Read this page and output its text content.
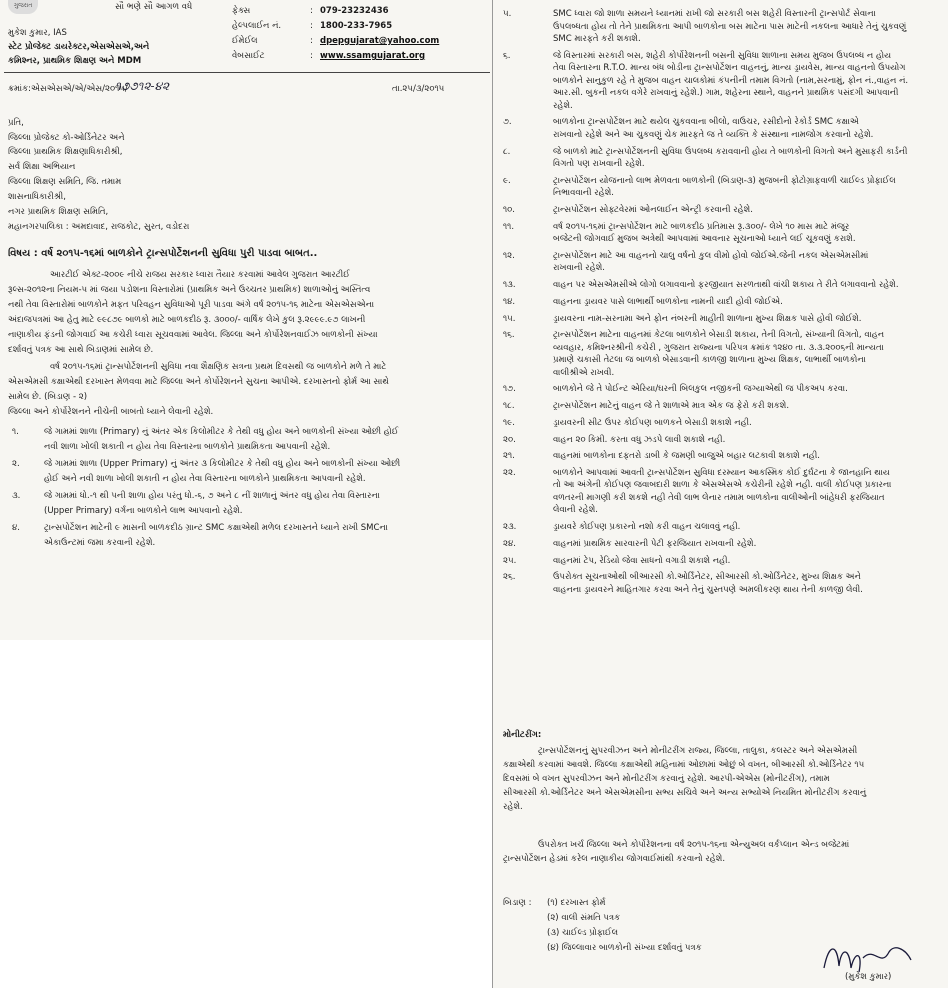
ગુજરાત	સૌ ભણે સૌ આગળ વધે
મુકેશ કુમાર, IAS
સ્ટેટ પ્રોજેક્ટ ડાયરેક્ટર,એસએસએ,અને
કમિશ્નર, પ્રાથમિક શિક્ષણ અને MDM
ફેક્સ	079-23232436
હેલ્પલાઈન નં.	1800-233-7965
ઈમેઈલ	dpepgujarat@yahoo.com
વેબસાઈટ	www.ssamgujarat.org
:
:
:
:
ક્રમાંક:એસએસએ/એ/એસ/૨૦૧૫/
૧૭૭૧૨-૪૨	તા.૨૫/૩/૨૦૧૫
પ્રતિ,
જિલ્લા પ્રોજેક્ટ કો-ઓર્ડિનેટર અને
જિલ્લા પ્રાથમિક શિક્ષણાધિકારીશ્રી,
સર્વ શિક્ષા અભિયાન
જિલ્લા શિક્ષણ સમિતિ, જિ. તમામ
શાસનાધિકારીશ્રી,
નગર પ્રાથમિક શિક્ષણ સમિતિ,
મહાનગરપાલિકા : અમદાવાદ, રાજકોટ, સુરત, વડોદરા
વિષય : વર્ષ ૨૦૧૫-૧૬માં બાળકોને ટ્રાન્સપોર્ટેશનની સુવિધા પુરી પાડવા બાબત..
આરટીઈ એક્ટ-૨૦૦૯ નીચે રાજય સરકાર ધ્વારા તૈયાર કરવામાં આવેલ ગુજરાત આરટીઈ
રૂલ્સ-૨૦૧૨ના નિયમ-૫ માં જયા પડોશના વિસ્તારોમાં (પ્રાથમિક અને ઉચ્ચતર પ્રાથમિક) શાળાઓનું અસ્તિત્વ
નથી તેવા વિસ્તારોમાં બાળકોને મફત પરિવહન સુવિધાઓ પૂરી પાડવા અંગે વર્ષ ૨૦૧૫-૧૬ માટેના એસએસએના
અંદાજપત્રમાં આ હેતુ માટે ૯૯૮૭૯ બાળકો માટે બાળકદીઠ રૂ. ૩૦૦૦/- વાર્ષિક લેખે કુલ રૂ.૨૯૯૯.૯૭ લાખની
નાણાકીય ફંડની જોગવાઈ આ કચેરી ધ્વારા સૂચવવામાં આવેલ. જિલ્લા અને કોર્પોરેશનવાઈઝ બાળકોની સંખ્યા
દર્શાવતું પત્રક આ સાથે બિડાણમાં સામેલ છે.
વર્ષ ૨૦૧૫-૧૬માં ટ્રાન્સપોર્ટેશનની સુવિધા નવા શૈક્ષણિક સત્રના પ્રથમ દિવસથી જ બાળકોને મળે તે માટે
એસએમસી કક્ષાએથી દરખાસ્ત મેળવવા માટે જિલ્લા અને કોર્પોરેશનને સુચના આપીએ. દરખાસ્તનો ફોર્મ આ સાથે
સામેલ છે. (બિડાણ - ૨)
જિલ્લા અને કોર્પોરેશનને નીચેની બાબતો ધ્યાને લેવાની રહેશે.
૧.	જે ગામમાં શાળા (Primary) નું અંતર એક કિલોમીટર કે તેથી વધુ હોય અને બાળકોની સંખ્યા ઓછી હોઈ
નવી શાળા ખોલી શકાતી ન હોય તેવા વિસ્તારના બાળકોને પ્રાથમિકતા આપવાની રહેશે.
૨.	જે ગામમાં શાળા (Upper Primary) નું અંતર ૩ કિલોમીટર કે તેથી વધુ હોય અને બાળકોની સંખ્યા ઓછી
હોઈ અને નવી શાળા ખોલી શકાતી ન હોય તેવા વિસ્તારના બાળકોને પ્રાથમિકતા આપવાની રહેશે.
૩.	જે ગામમાં ધો.-૧ થી ૫ની શાળા હોય પરંતુ ધો.-૬, ૭ અને ૮ નીં શાળાનું અંતર વધુ હોય તેવા વિસ્તારના
(Upper Primary) વર્ગના બાળકોને લાભ આપવાનો રહેશે.
૪.	ટ્રાન્સપોર્ટેશન માટેની ૯ માસની બાળકદીઠ ગ્રાન્ટ SMC કક્ષાએથી મળેલ દરખાસ્તને ધ્યાને રાખી SMCના
એકાઉન્ટમાં જમા કરવાની રહેશે.
૫.	SMC ધ્વારા જો શાળા સમયને ધ્યાનમાં રાખી જો સરકારી બસ શહેરી વિસ્તારની ટ્રાન્સપોર્ટ સેવાના
ઉપલબ્ધતા હોય તો તેને પ્રાથમિકતા આપી બાળકોના બસ માટેના પાસ માટેની નકલના આધારે તેનું ચુકવણું
SMC મારફતે કરી શકાશે.
૬.	જે વિસ્તારમાં સરકારી બસ, શહેરી કોર્પોરેશનની બસની સુવિધા શાળાના સમય મુજબ ઉપલબ્ધ ન હોય
તેવા વિસ્તારના R.T.O. માન્ય બંધ બોડીના ટ્રાન્સપોર્ટેશન વાહનનું, માન્ય ડ્રાયવેસ, માન્ય વાહનનો ઉપયોગ
બાળકોને સાનુકુળ રહે તે મુજબ વાહન ચાલકોમાં કંપનીની તમામ વિગતો (નામ,સરનામું, ફોન નં.,વાહન નં.
આર.સી. બુકની નકલ વગેરે રાખવાનું રહેશે.) ગામ, શહેરના સ્થાને, વાહનને પ્રાથમિક પસંદગી આપવાની
રહેશે.
૭.	બાળકોના ટ્રાન્સપોર્ટેશન માટે થયેલ ચુકવવાના બીલો, વાઉચર, રસીદોનો રેકોર્ડ SMC કક્ષાએ
રાખવાનો રહેશે અને આ ચુકવણું ચેક મારફતે જ તે વ્યક્તિ કે સંસ્થાના નામજોગ કરવાનો રહેશે.
૮.	જે બાળકો માટે ટ્રાન્સપોર્ટેશનની સુવિધા ઉપલબ્ધ કરાવવાની હોય તે બાળકોની વિગતો અને મુસાફરી કાર્ડની
વિગતો પણ રાખવાની રહેશે.
૯.	ટ્રાન્સપોર્ટેશન યોજનાનો લાભ મેળવતા બાળકોની (બિડાણ-૩) મુજબની ફોટોગ્રાફવાળી ચાઈલ્ડ પ્રોફાઈલ
નિભાવવાની રહેશે.
૧૦.	ટ્રાન્સપોર્ટેશન સોફ્ટવેરમાં ઓનલાઈન એન્ટ્રી કરવાની રહેશે.
૧૧.	વર્ષ ૨૦૧૫-૧૬માં ટ્રાન્સપોર્ટેશન માટે બાળકદીઠ પ્રતિમાસ રૂ.૩૦૦/- લેખે ૧૦ માસ માટે મંજૂર
બજેટની જોગવાઈ મુજબ અત્રેથી આપવામાં આવનાર સૂચનાઓ ધ્યાને લઈ ચૂકવણું કરાશે.
૧૨.	ટ્રાન્સપોર્ટેશન માટે આ વાહનનો ચાલુ વર્ષનો કુલ વીમો હોવો જોઈએ.જેની નકલ એસએમસીમાં
રાખવાની રહેશે.
૧૩.	વાહન પર એસએમસીએ લોગો લગાવવાનો ફરજીયાત સરળતાથી વાંચી શકાય તે રીતે લગાવવાનો રહેશે.
૧૪.	વાહનના ડ્રાયવર પાસે લાભાર્થી બાળકોના નામની યાદી હોવી જોઈએ.
૧૫.	ડ્રાયવરના નામ-સરનામા અને ફોન નંબરની માહીતી શાળાના મુખ્ય શિક્ષક પાસે હોવી જોઈશે.
૧૬.	ટ્રાન્સપોર્ટેશન માટેના વાહનમાં કેટલા બાળકોને બેસાડી શકાય, તેની વિગતો, સંખ્યાની વિગતો, વાહન
વ્યવહાર, કમિશ્નરશ્રીની કચેરી , ગુજરાત રાજ્યના પરિપત્ર ક્રમાંક ૧૨૪૦ તા. ૩.૩.૨૦૦૬ની માન્યતા
પ્રમાણે ચકાસી તેટલા જ બાળકો બેસાડવાની કાળજી શાળાના મુખ્ય શિક્ષક, લાભાર્થી બાળકોના
વાલીશ્રીએ રાખવી.
૧૭.	બાળકોને જે તે પોઈન્ટ એરિયા/ઘરની બિલકુલ નજીકની જગ્યાએથી જ પીકઅપ કરવા.
૧૮.	ટ્રાન્સપોર્ટેશન માટેનું વાહન જે તે શાળાએ માત્ર એક જ ફેરો કરી શકશે.
૧૯.	ડ્રાયવરની સીટ ઉપર કોઈપણ બાળકને બેસાડી શકાશે નહી.
૨૦.	વાહન ૨૦ કિમી. કરતા વધુ ઝડપે લાવી શકાશે નહી.
૨૧.	વાહનમાં બાળકોના દફતરો ડાબી કે જમણી બાજુએ બહાર લટકાવી શકાશે નહી.
૨૨.	બાળકોને આપવામાં આવતી ટ્રાન્સપોર્ટેશન સુવિધા દરમ્યાન આકસ્મિક કોઈ દુર્ઘટના કે જાનહાનિ થાય
તો આ અંગેની કોઈપણ જવાબદારી શાળા કે એસએસએ કચેરીની રહેશે નહી. વાલી કોઈપણ પ્રકારના
વળતરની માગણી કરી શકશે નહી તેવી લાભ લેનાર તમામ બાળકોના વાલીઓની બાંહેધરી ફરજિયાત
લેવાની રહેશે.
૨૩.	ડ્રાયવરે કોઈપણ પ્રકારનો નશો કરી વાહન ચલાવવું નહી.
૨૪.	વાહનમાં પ્રાથમિક સારવારની પેટી ફરજિયાત રાખવાની રહેશે.
૨૫.	વાહનમાં ટેપ, રેડિયો જેવા સાધનો વગાડી શકાશે નહી.
૨૬.	ઉપરોક્ત સૂચનાઓથી બીઆરસી કો.ઓર્ડિનેટર, સીઆરસી કો.ઓર્ડિનેટર, મુખ્ય શિક્ષક અને
વાહનના ડ્રાયવરને માહિતગાર કરવા અને તેનું ચુસ્તપણે અમલીકરણ થાય તેની કાળજી લેવી.
મોનીટરીંગ:
ટ્રાન્સપોર્ટેશનનું સુપરવીઝન અને મોનીટરીંગ રાજ્ય, જિલ્લા, તાલુકા, કલસ્ટર અને એસએમસી
કક્ષાએથી કરવામાં આવશે. જિલ્લા કક્ષાએથી મહિનામાં ઓછામાં ઓછું બે વખત, બીઆરસી કો.ઓર્ડિનેટર ૧૫
દિવસમાં બે વખત સુપરવીઝન અને મોનીટરીંગ કરવાનું રહેશે. આરપી-એએસ (મોનીટરીંગ), તમામ
સીઆરસી કો.ઓર્ડિનેટર અને એસએમસીના સભ્ય સચિવે અને અન્ય સભ્યોએ નિયમિત મોનીટરીંગ કરવાનું
રહેશે.
ઉપરોક્ત ખર્ચ જિલ્લા અને કોર્પોરેશનના વર્ષ ૨૦૧૫-૧૬ના એન્યુઅલ વર્કપ્લાન એન્ડ બજેટમાં
ટ્રાન્સપોર્ટેશન હેડમાં કરેલ નાણાકીય જોગવાઈમાંથી કરવાનો રહેશે.
બિડાણ : (૧) દરખાસ્ત ફોર્મ
(૨) વાલી સંમતિ પત્રક
(૩) ચાઈલ્ડ પ્રોફાઈલ
(૪) જિલ્લાવાર બાળકોની સંખ્યા દર્શાવતું પત્રક
(મુકેશ કુમાર)
